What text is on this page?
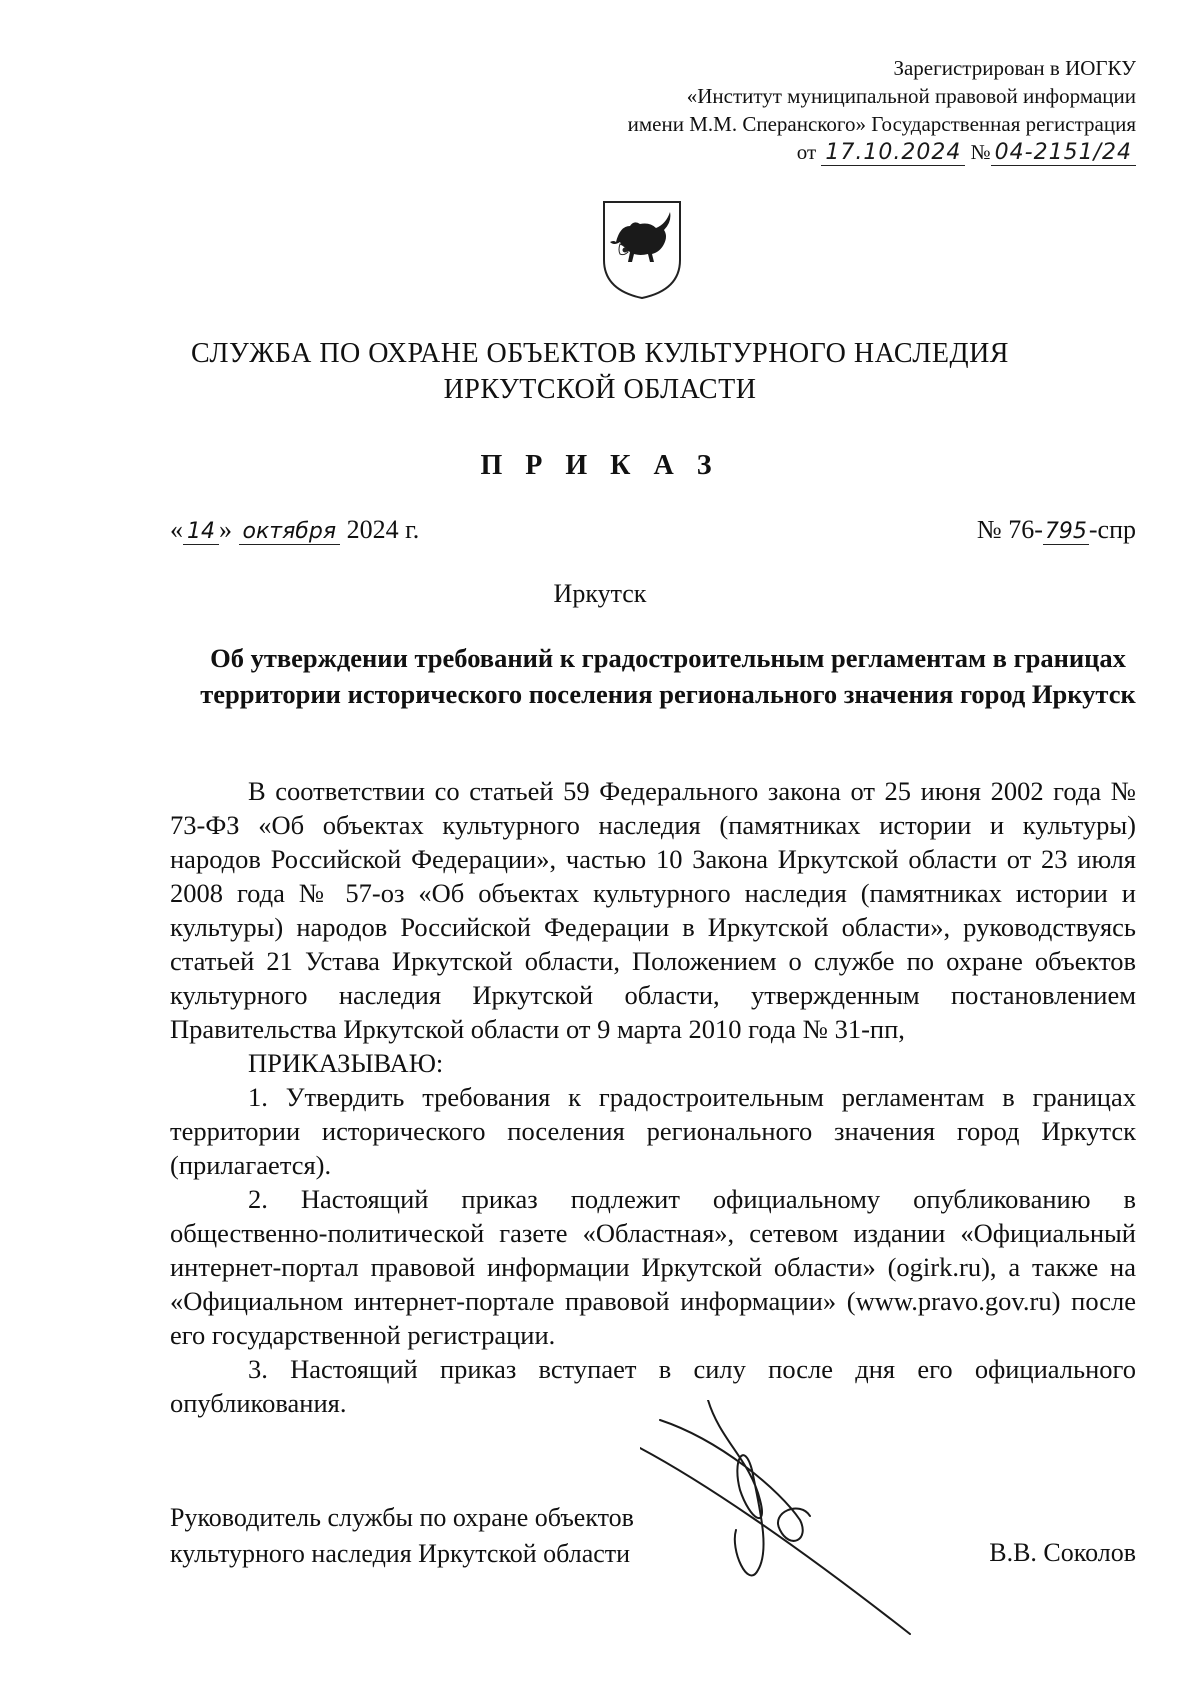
Зарегистрирован в ИОГКУ
«Институт муниципальной правовой информации
имени М.М. Сперанского» Государственная регистрация
от 17.10.2024 № 04-2151/24
СЛУЖБА ПО ОХРАНЕ ОБЪЕКТОВ КУЛЬТУРНОГО НАСЛЕДИЯ
ИРКУТСКОЙ ОБЛАСТИ
П Р И К А З
« 14 » октября 2024 г.	№ 76-795-спр
Иркутск
Об утверждении требований к градостроительным регламентам в границах территории исторического поселения регионального значения город Иркутск

В соответствии со статьей 59 Федерального закона от 25 июня 2002 года № 73-ФЗ «Об объектах культурного наследия (памятниках истории и культуры) народов Российской Федерации», частью 10 Закона Иркутской области от 23 июля 2008 года № 57-оз «Об объектах культурного наследия (памятниках истории и культуры) народов Российской Федерации в Иркутской области», руководствуясь статьей 21 Устава Иркутской области, Положением о службе по охране объектов культурного наследия Иркутской области, утвержденным постановлением Правительства Иркутской области от 9 марта 2010 года № 31-пп,

ПРИКАЗЫВАЮ:

1. Утвердить требования к градостроительным регламентам в границах территории исторического поселения регионального значения город Иркутск (прилагается).

2. Настоящий приказ подлежит официальному опубликованию в общественно-политической газете «Областная», сетевом издании «Официальный интернет-портал правовой информации Иркутской области» (ogirk.ru), а также на «Официальном интернет-портале правовой информации» (www.pravo.gov.ru) после его государственной регистрации.

3. Настоящий приказ вступает в силу после дня его официального опубликования.

Руководитель службы по охране объектов
культурного наследия Иркутской области	В.В. Соколов
